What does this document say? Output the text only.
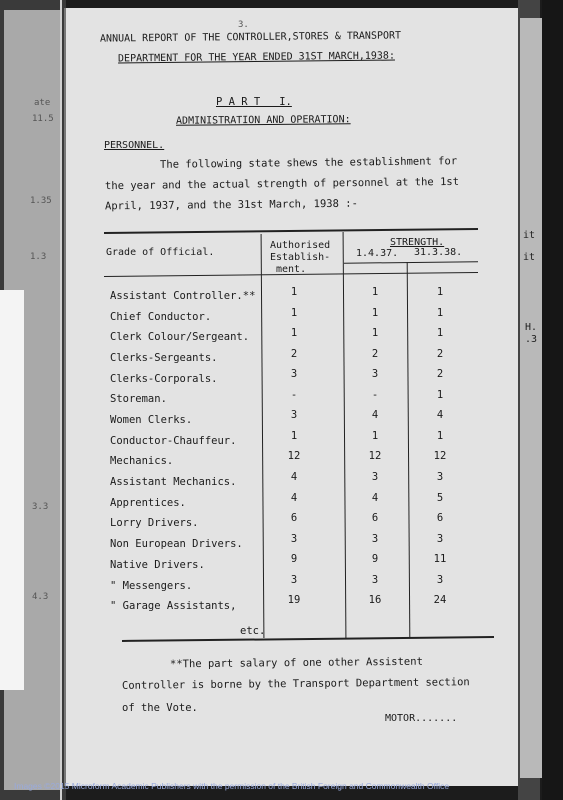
ate
11.5
1.35
1.3
3.3
4.3
it
it
H.
.3
3.
ANNUAL REPORT OF THE CONTROLLER,STORES & TRANSPORT
DEPARTMENT FOR THE YEAR ENDED 31ST MARCH,1938:
P A R T   I.
ADMINISTRATION AND OPERATION:
PERSONNEL.
The following state shews the establishment for
the year and the actual strength of personnel at the 1st
April, 1937, and the 31st March, 1938 :-
Grade of Official.
Authorised
Establish-
ment.
STRENGTH.
1.4.37. 31.3.38.
Assistant Controller.**	1	1	1
Chief Conductor.	1	1	1
Clerk Colour/Sergeant.	1	1	1
Clerks-Sergeants.	2	2	2
Clerks-Corporals.	3	3	2
Storeman.	-	-	1
Women Clerks.	3	4	4
Conductor-Chauffeur.	1	1	1
Mechanics.	12	12	12
Assistant Mechanics.	4	3	3
Apprentices.	4	4	5
Lorry Drivers.	6	6	6
Non European Drivers.	3	3	3
Native Drivers.	9	9	11
" Messengers.	3	3	3
" Garage Assistants,	19	16	24
etc.
**The part salary of one other Assistent
Controller is borne by the Transport Department section
of the Vote.
MOTOR.......
Images ©2015 Microform Academic Publishers with the permission of the British Foreign and Commonwealth Office
